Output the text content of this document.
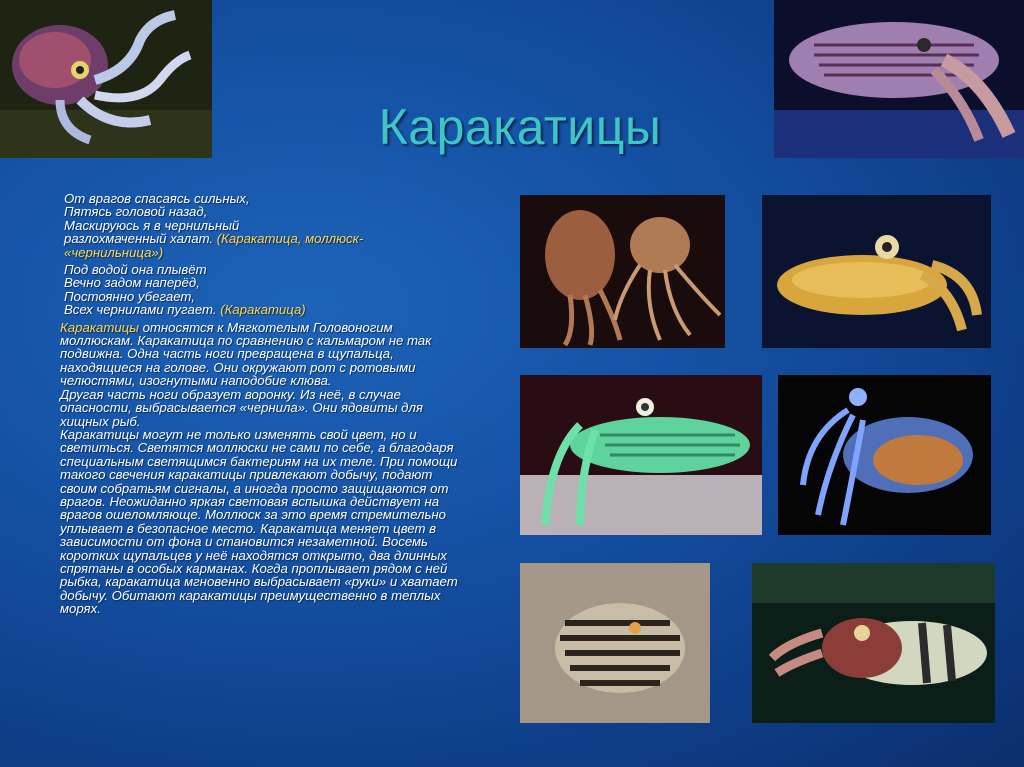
Каракатицы

От врагов спасаясь сильных,
Пятясь головой назад,
Маскируюсь я в чернильный
разлохмаченный халат. (Каракатица, моллюск- «чернильница»)

Под водой она плывёт
Вечно задом наперёд,
Постоянно убегает,
Всех чернилами пугает. (Каракатица)

Каракатицы относятся к Мягкотелым Головоногим моллюскам. Каракатица по сравнению с кальмаром не так подвижна. Одна часть ноги превращена в щупальца, находящиеся на голове. Они окружают рот с ротовыми челюстями, изогнутыми наподобие клюва.
Другая часть ноги образует воронку. Из неё, в случае опасности, выбрасывается «чернила». Они ядовиты для хищных рыб.
Каракатицы могут не только изменять свой цвет, но и светиться. Светятся моллюски не сами по себе, а благодаря специальным светящимся бактериям на их теле. При помощи такого свечения каракатицы привлекают добычу, подают своим собратьям сигналы, а иногда просто защищаются от врагов. Неожиданно яркая световая вспышка действует на врагов ошеломляюще. Моллюск за это время стремительно уплывает в безопасное место. Каракатица меняет цвет в зависимости от фона и становится незаметной. Восемь коротких щупальцев у неё находятся открыто, два длинных спрятаны в особых карманах. Когда проплывает рядом с ней рыбка, каракатица мгновенно выбрасывает «руки» и хватает добычу. Обитают каракатицы преимущественно в теплых морях.
